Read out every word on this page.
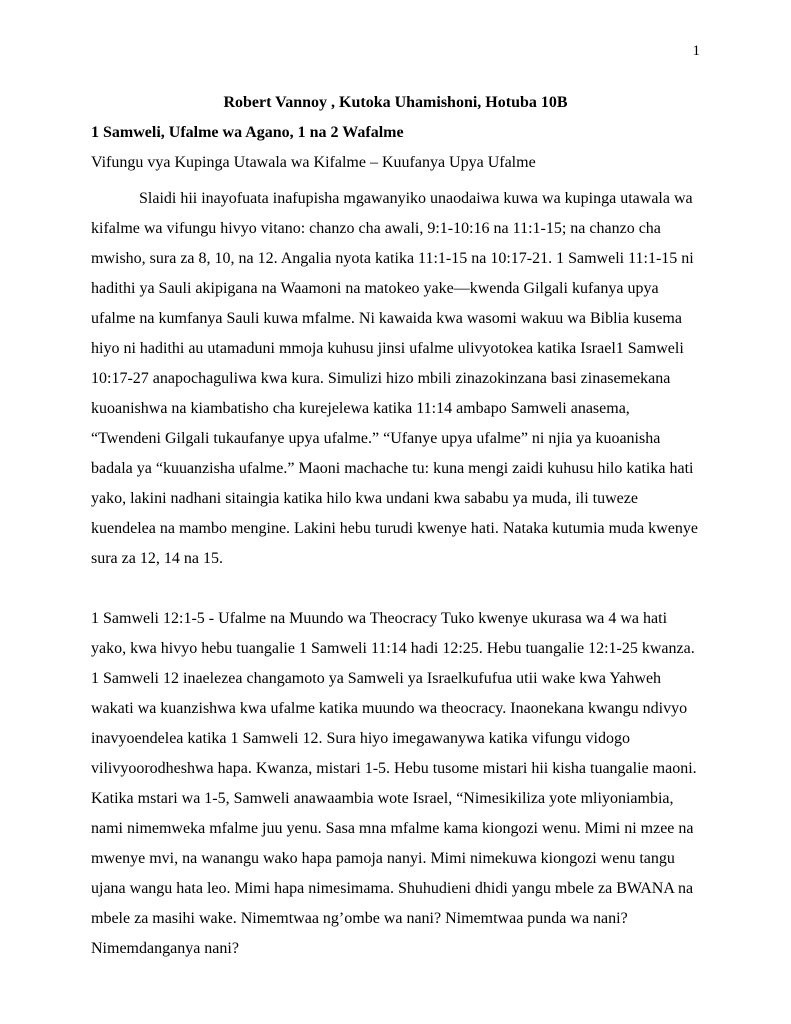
1
Robert Vannoy , Kutoka Uhamishoni, Hotuba 10B
1 Samweli, Ufalme wa Agano, 1 na 2 Wafalme

Vifungu vya Kupinga Utawala wa Kifalme – Kuufanya Upya Ufalme

Slaidi hii inayofuata inafupisha mgawanyiko unaodaiwa kuwa wa kupinga utawala wa kifalme wa vifungu hivyo vitano: chanzo cha awali, 9:1-10:16 na 11:1-15; na chanzo cha mwisho, sura za 8, 10, na 12. Angalia nyota katika 11:1-15 na 10:17-21. 1 Samweli 11:1-15 ni hadithi ya Sauli akipigana na Waamoni na matokeo yake—kwenda Gilgali kufanya upya ufalme na kumfanya Sauli kuwa mfalme. Ni kawaida kwa wasomi wakuu wa Biblia kusema hiyo ni hadithi au utamaduni mmoja kuhusu jinsi ufalme ulivyotokea katika Israel1 Samweli 10:17-27 anapochaguliwa kwa kura. Simulizi hizo mbili zinazokinzana basi zinasemekana kuoanishwa na kiambatisho cha kurejelewa katika 11:14 ambapo Samweli anasema, “Twendeni Gilgali tukaufanye upya ufalme.” “Ufanye upya ufalme” ni njia ya kuoanisha badala ya “kuuanzisha ufalme.” Maoni machache tu: kuna mengi zaidi kuhusu hilo katika hati yako, lakini nadhani sitaingia katika hilo kwa undani kwa sababu ya muda, ili tuweze kuendelea na mambo mengine. Lakini hebu turudi kwenye hati. Nataka kutumia muda kwenye sura za 12, 14 na 15.

1 Samweli 12:1-5 - Ufalme na Muundo wa Theocracy Tuko kwenye ukurasa wa 4 wa hati yako, kwa hivyo hebu tuangalie 1 Samweli 11:14 hadi 12:25. Hebu tuangalie 12:1-25 kwanza. 1 Samweli 12 inaelezea changamoto ya Samweli ya Israelkufufua utii wake kwa Yahweh wakati wa kuanzishwa kwa ufalme katika muundo wa theocracy. Inaonekana kwangu ndivyo inavyoendelea katika 1 Samweli 12. Sura hiyo imegawanywa katika vifungu vidogo vilivyoorodheshwa hapa. Kwanza, mistari 1-5. Hebu tusome mistari hii kisha tuangalie maoni. Katika mstari wa 1-5, Samweli anawaambia wote Israel, “Nimesikiliza yote mliyoniambia, nami nimemweka mfalme juu yenu. Sasa mna mfalme kama kiongozi wenu. Mimi ni mzee na mwenye mvi, na wanangu wako hapa pamoja nanyi. Mimi nimekuwa kiongozi wenu tangu ujana wangu hata leo. Mimi hapa nimesimama. Shuhudieni dhidi yangu mbele za BWANA na mbele za masihi wake. Nimemtwaa ng’ombe wa nani? Nimemtwaa punda wa nani? Nimemdanganya nani?
